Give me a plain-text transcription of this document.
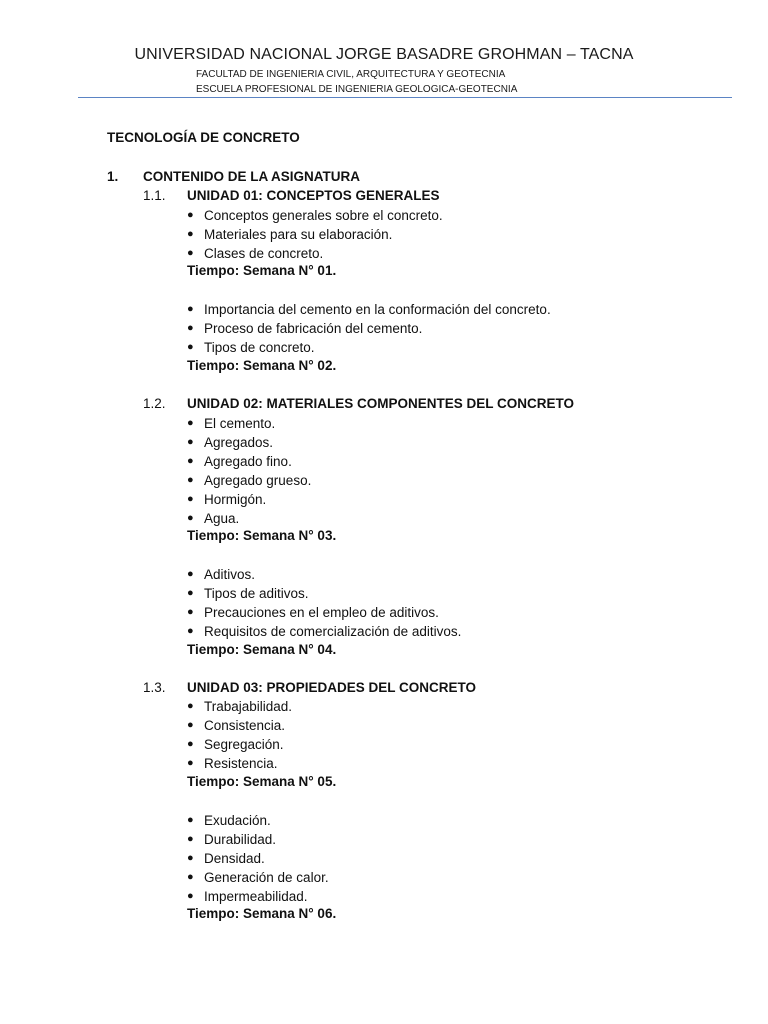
UNIVERSIDAD NACIONAL JORGE BASADRE GROHMAN – TACNA
FACULTAD DE INGENIERIA CIVIL, ARQUITECTURA Y GEOTECNIA
ESCUELA PROFESIONAL DE INGENIERIA GEOLOGICA-GEOTECNIA
TECNOLOGÍA DE CONCRETO
1. CONTENIDO DE LA ASIGNATURA
1.1. UNIDAD 01: CONCEPTOS GENERALES
● Conceptos generales sobre el concreto.
● Materiales para su elaboración.
● Clases de concreto.
Tiempo: Semana N° 01.
● Importancia del cemento en la conformación del concreto.
● Proceso de fabricación del cemento.
● Tipos de concreto.
Tiempo: Semana N° 02.
1.2. UNIDAD 02: MATERIALES COMPONENTES DEL CONCRETO
● El cemento.
● Agregados.
● Agregado fino.
● Agregado grueso.
● Hormigón.
● Agua.
Tiempo: Semana N° 03.
● Aditivos.
● Tipos de aditivos.
● Precauciones en el empleo de aditivos.
● Requisitos de comercialización de aditivos.
Tiempo: Semana N° 04.
1.3. UNIDAD 03: PROPIEDADES DEL CONCRETO
● Trabajabilidad.
● Consistencia.
● Segregación.
● Resistencia.
Tiempo: Semana N° 05.
● Exudación.
● Durabilidad.
● Densidad.
● Generación de calor.
● Impermeabilidad.
Tiempo: Semana N° 06.
